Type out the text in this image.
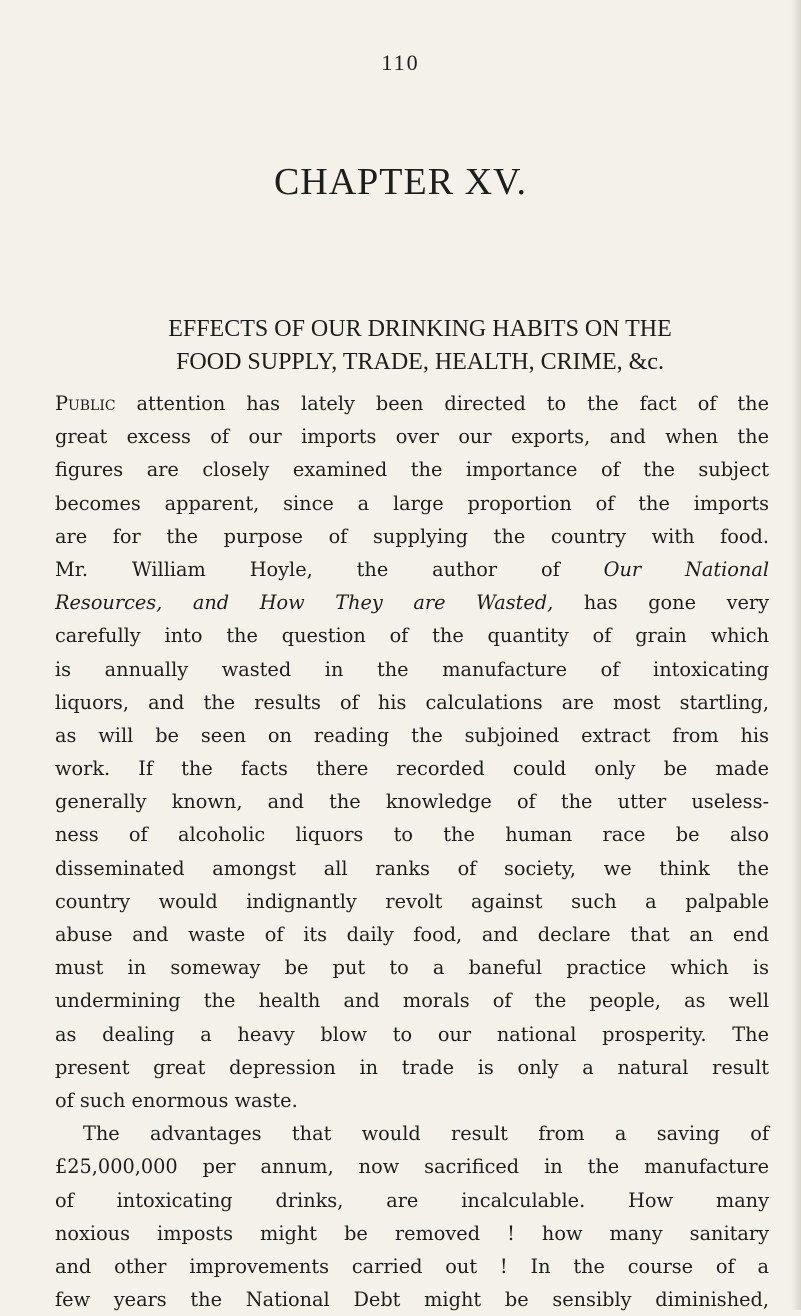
110
CHAPTER XV.
EFFECTS OF OUR DRINKING HABITS ON THE
FOOD SUPPLY, TRADE, HEALTH, CRIME, &c.
Public attention has lately been directed to the fact of the
great excess of our imports over our exports, and when the
figures are closely examined the importance of the subject
becomes apparent, since a large proportion of the imports
are for the purpose of supplying the country with food.
Mr. William Hoyle, the author of Our National
Resources, and How They are Wasted, has gone very
carefully into the question of the quantity of grain which
is annually wasted in the manufacture of intoxicating
liquors, and the results of his calculations are most startling,
as will be seen on reading the subjoined extract from his
work. If the facts there recorded could only be made
generally known, and the knowledge of the utter useless-
ness of alcoholic liquors to the human race be also
disseminated amongst all ranks of society, we think the
country would indignantly revolt against such a palpable
abuse and waste of its daily food, and declare that an end
must in someway be put to a baneful practice which is
undermining the health and morals of the people, as well
as dealing a heavy blow to our national prosperity. The
present great depression in trade is only a natural result
of such enormous waste.
The advantages that would result from a saving of
£25,000,000 per annum, now sacrificed in the manufacture
of intoxicating drinks, are incalculable. How many
noxious imposts might be removed ! how many sanitary
and other improvements carried out ! In the course of a
few years the National Debt might be sensibly diminished,
